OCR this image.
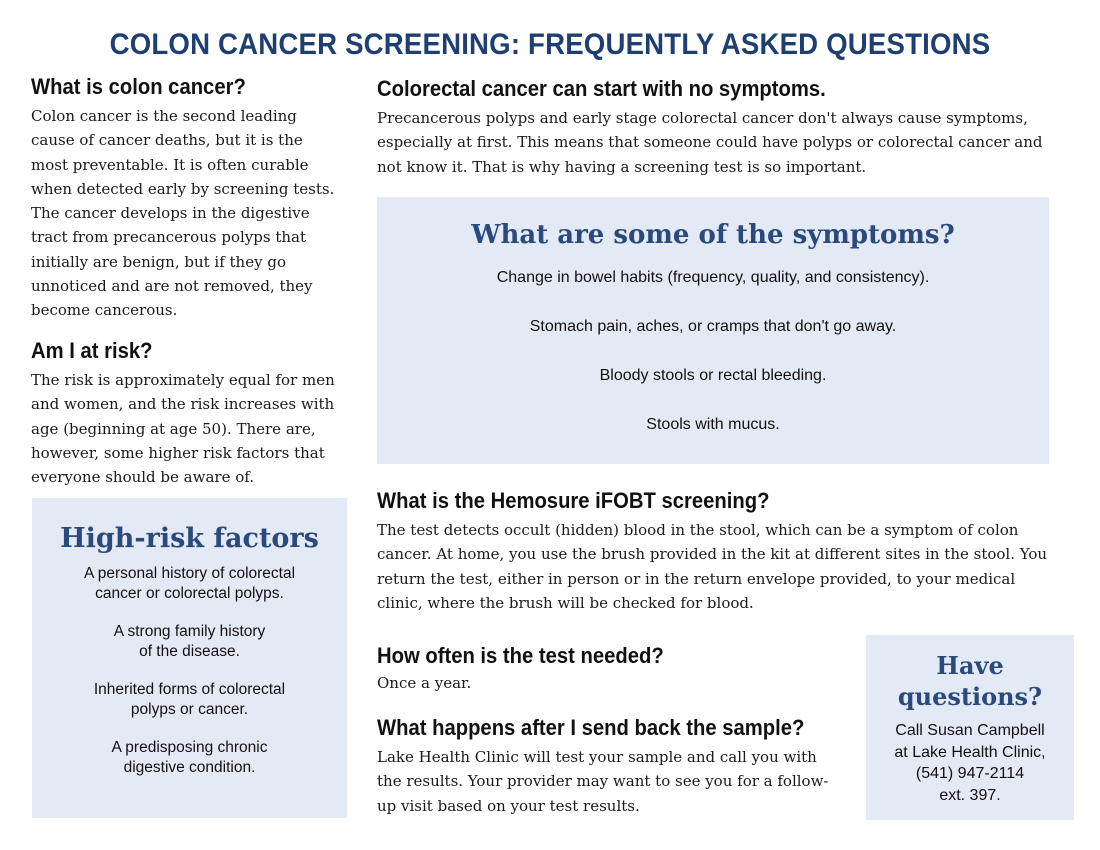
COLON CANCER SCREENING: FREQUENTLY ASKED QUESTIONS
What is colon cancer?

Colon cancer is the second leading cause of cancer deaths, but it is the most preventable. It is often curable when detected early by screening tests. The cancer develops in the digestive tract from precancerous polyps that initially are benign, but if they go unnoticed and are not removed, they become cancerous.

Am I at risk?

The risk is approximately equal for men and women, and the risk increases with age (beginning at age 50). There are, however, some higher risk factors that everyone should be aware of.

High-risk factors

A personal history of colorectal
cancer or colorectal polyps.

A strong family history
of the disease.

Inherited forms of colorectal
polyps or cancer.

A predisposing chronic
digestive condition.

Colorectal cancer can start with no symptoms.

Precancerous polyps and early stage colorectal cancer don't always cause symptoms, especially at first. This means that someone could have polyps or colorectal cancer and not know it. That is why having a screening test is so important.

What are some of the symptoms?

Change in bowel habits (frequency, quality, and consistency).

Stomach pain, aches, or cramps that don't go away.

Bloody stools or rectal bleeding.

Stools with mucus.

What is the Hemosure iFOBT screening?

The test detects occult (hidden) blood in the stool, which can be a symptom of colon cancer. At home, you use the brush provided in the kit at different sites in the stool. You return the test, either in person or in the return envelope provided, to your medical clinic, where the brush will be checked for blood.

How often is the test needed?

Once a year.

What happens after I send back the sample?

Lake Health Clinic will test your sample and call you with the results. Your provider may want to see you for a follow-up visit based on your test results.

Have
questions?

Call Susan Campbell

at Lake Health Clinic,

(541) 947-2114

ext. 397.
